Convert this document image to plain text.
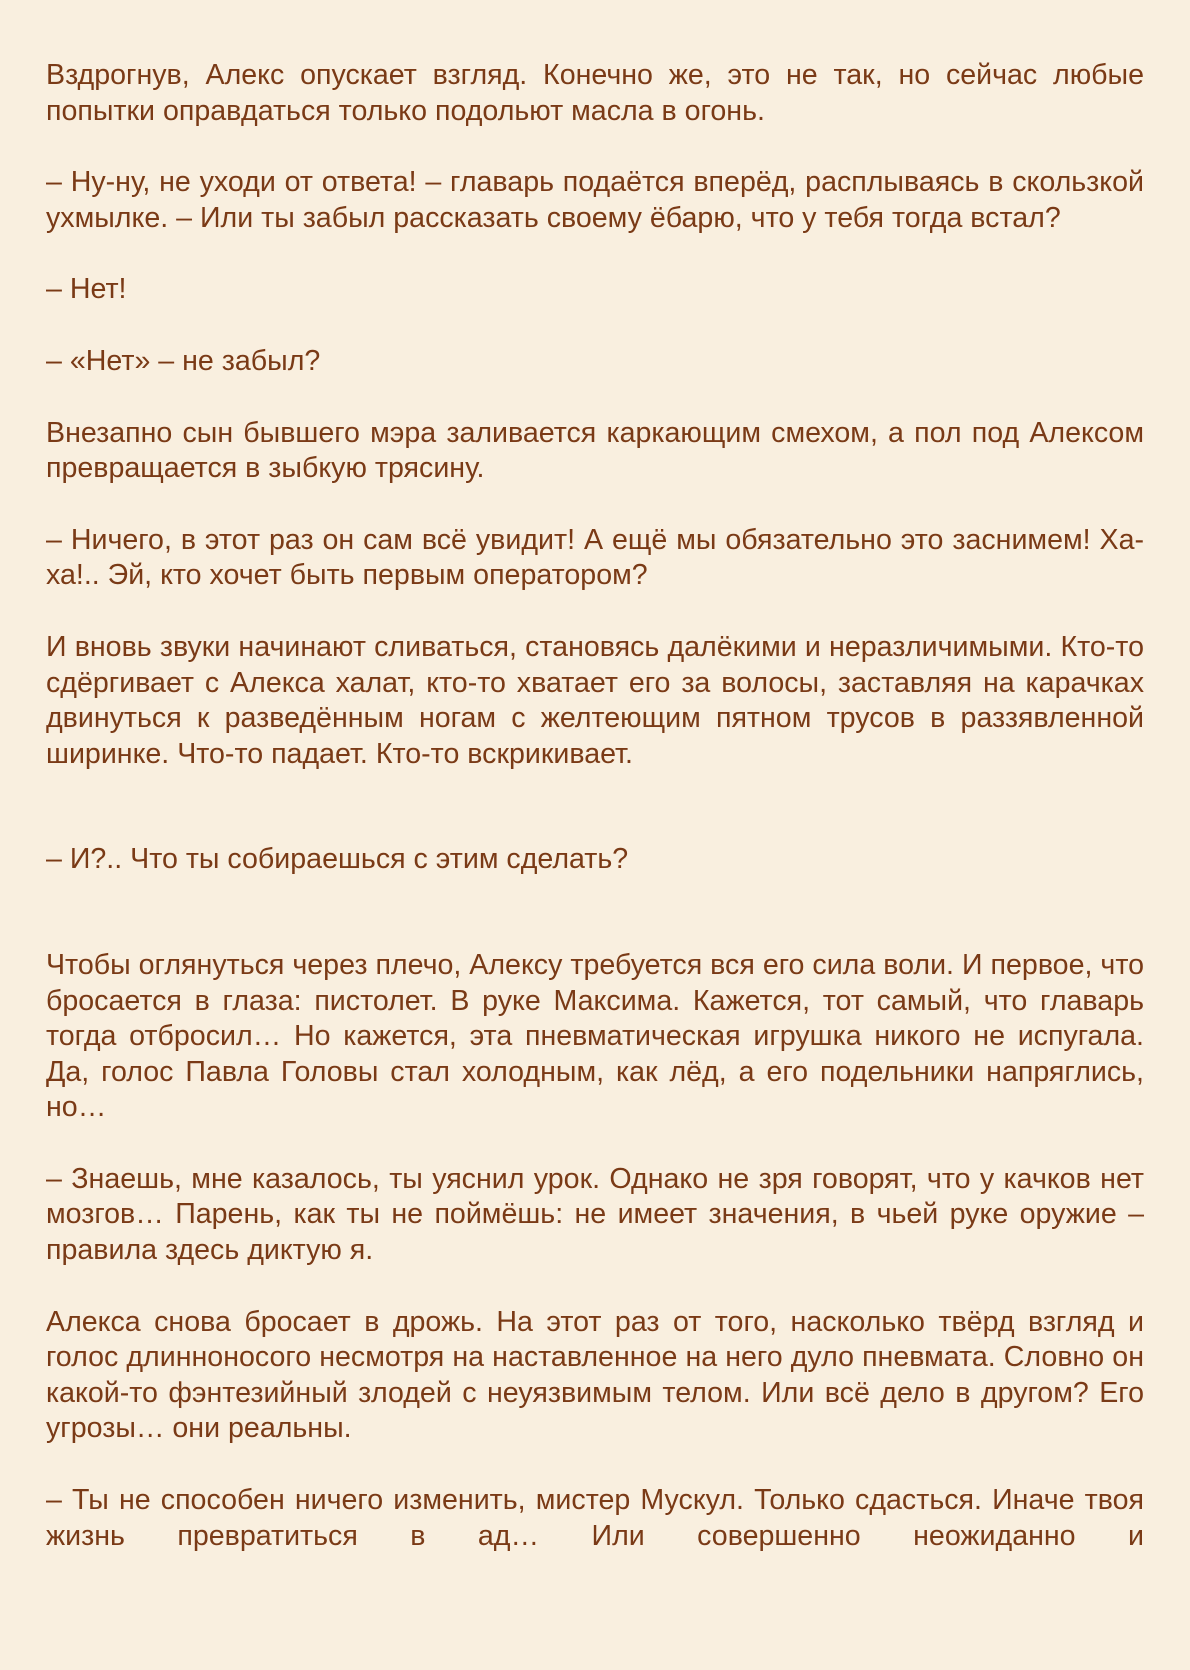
Вздрогнув, Алекс опускает взгляд. Конечно же, это не так, но сейчас любые попытки оправдаться только подольют масла в огонь.

– Ну-ну, не уходи от ответа! – главарь подаётся вперёд, расплываясь в скользкой ухмылке. – Или ты забыл рассказать своему ёбарю, что у тебя тогда встал?

– Нет!

– «Нет» – не забыл?

Внезапно сын бывшего мэра заливается каркающим смехом, а пол под Алексом превращается в зыбкую трясину.

– Ничего, в этот раз он сам всё увидит! А ещё мы обязательно это заснимем! Ха-ха!.. Эй, кто хочет быть первым оператором?

И вновь звуки начинают сливаться, становясь далёкими и неразличимыми. Кто-то сдёргивает с Алекса халат, кто-то хватает его за волосы, заставляя на карачках двинуться к разведённым ногам с желтеющим пятном трусов в раззявленной ширинке. Что-то падает. Кто-то вскрикивает.

– И?.. Что ты собираешься с этим сделать?

Чтобы оглянуться через плечо, Алексу требуется вся его сила воли. И первое, что бросается в глаза: пистолет. В руке Максима. Кажется, тот самый, что главарь тогда отбросил… Но кажется, эта пневматическая игрушка никого не испугала. Да, голос Павла Головы стал холодным, как лёд, а его подельники напряглись, но…

– Знаешь, мне казалось, ты уяснил урок. Однако не зря говорят, что у качков нет мозгов… Парень, как ты не поймёшь: не имеет значения, в чьей руке оружие – правила здесь диктую я.

Алекса снова бросает в дрожь. На этот раз от того, насколько твёрд взгляд и голос длинноносого несмотря на наставленное на него дуло пневмата. Словно он какой-то фэнтезийный злодей с неуязвимым телом. Или всё дело в другом? Его угрозы… они реальны.

– Ты не способен ничего изменить, мистер Мускул. Только сдасться. Иначе твоя жизнь превратиться в ад… Или совершенно неожиданно и
